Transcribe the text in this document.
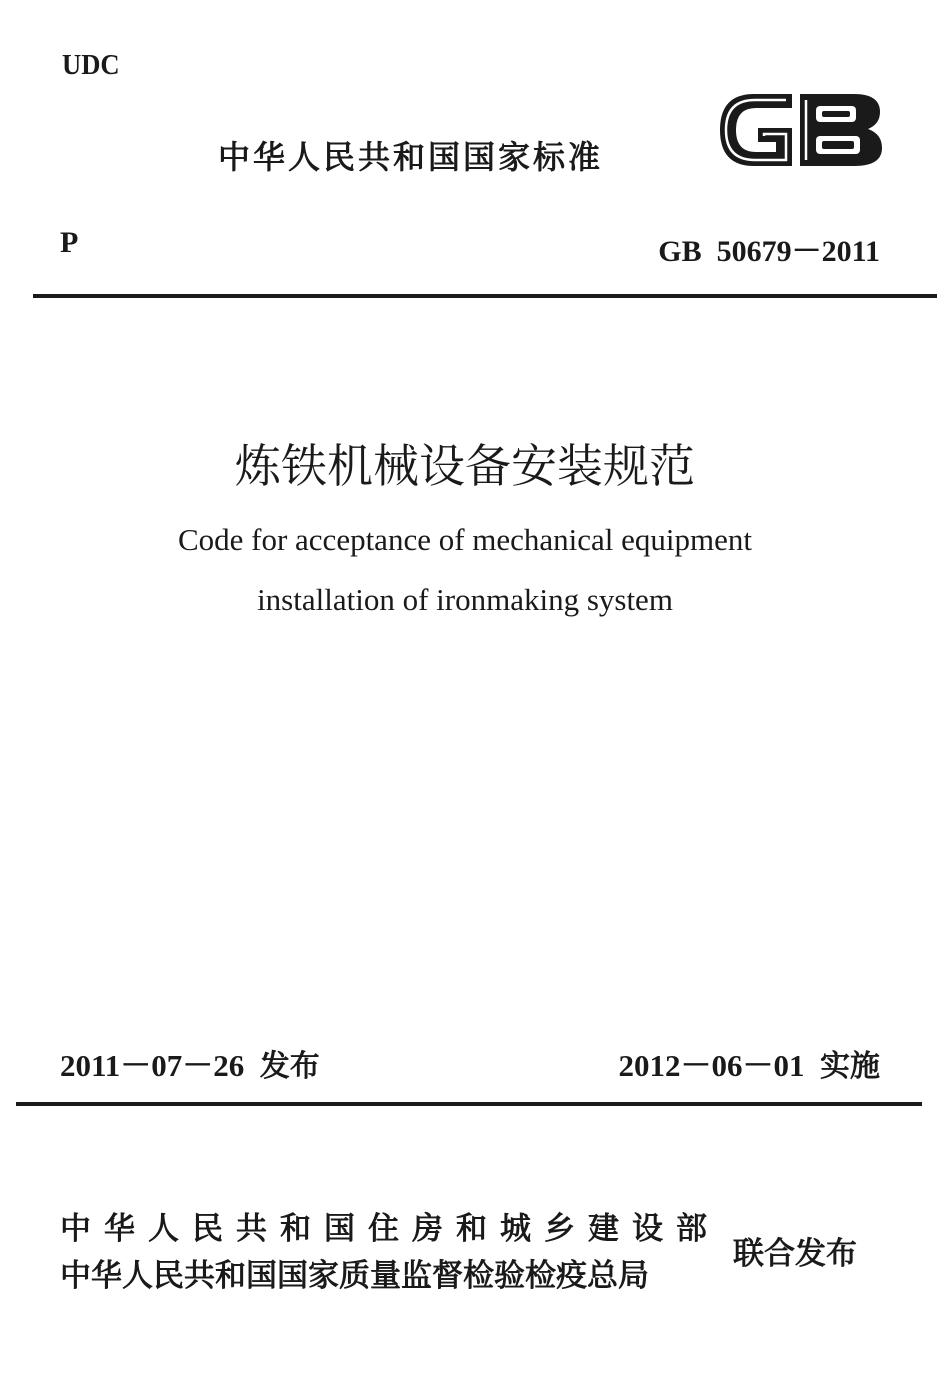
UDC
中华人民共和国国家标准
P	GB  50679－2011
炼铁机械设备安装规范
Code for acceptance of mechanical equipment
installation of ironmaking system
2011－07－26 发布	2012－06－01 实施
中华人民共和国住房和城乡建设部
中华人民共和国国家质量监督检验检疫总局
联合发布
